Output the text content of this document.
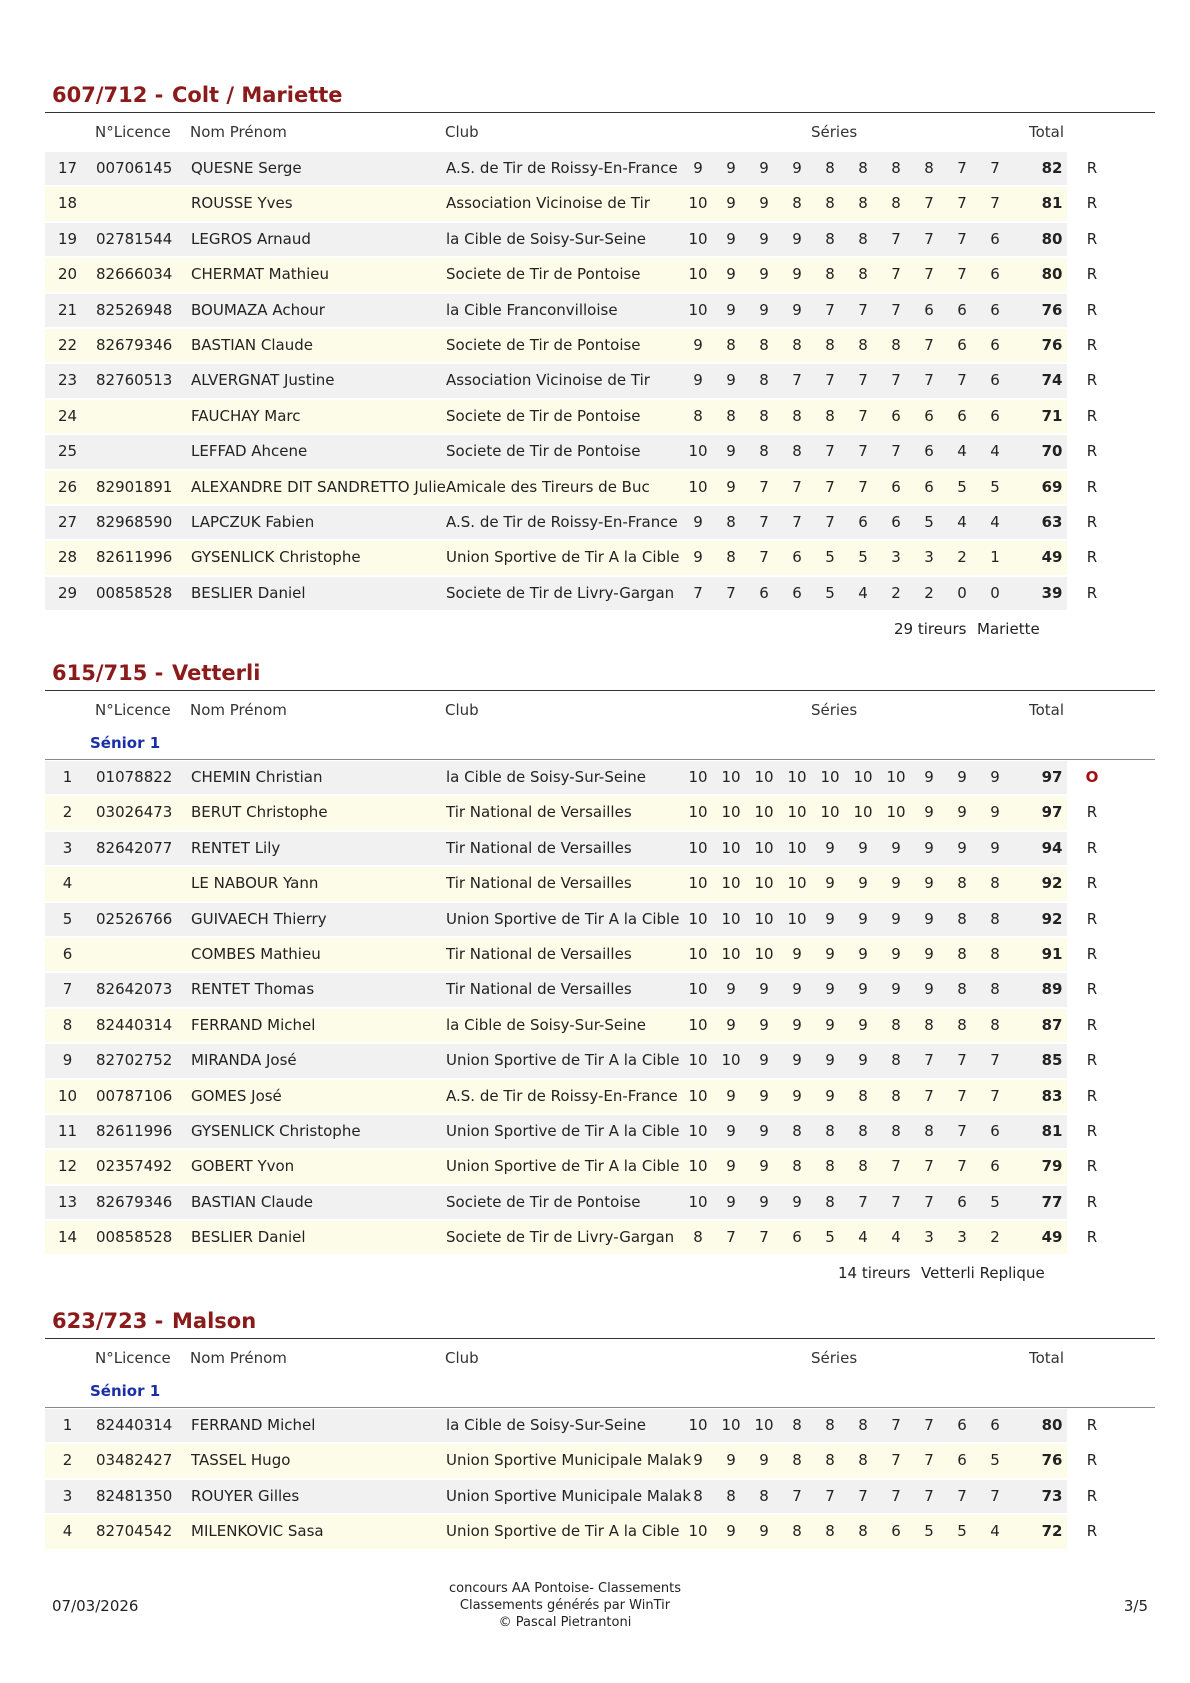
607/712 - Colt / Mariette
N°Licence Nom Prénom	Club	Séries	Total
17	00706145 QUESNE Serge	A.S. de Tir de Roissy-En-France	9	9	9	9	8	8	8	8	7	7	82	R
18	ROUSSE Yves	Association Vicinoise de Tir	10	9	9	8	8	8	8	7	7	7	81	R
19	02781544 LEGROS Arnaud	la Cible de Soisy-Sur-Seine	10	9	9	9	8	8	7	7	7	6	80	R
20	82666034 CHERMAT Mathieu	Societe de Tir de Pontoise	10	9	9	9	8	8	7	7	7	6	80	R
21	82526948 BOUMAZA Achour	la Cible Franconvilloise	10	9	9	9	7	7	7	6	6	6	76	R
22	82679346 BASTIAN Claude	Societe de Tir de Pontoise	9	8	8	8	8	8	8	7	6	6	76	R
23	82760513 ALVERGNAT Justine	Association Vicinoise de Tir	9	9	8	7	7	7	7	7	7	6	74	R
24	FAUCHAY Marc	Societe de Tir de Pontoise	8	8	8	8	8	7	6	6	6	6	71	R
25	LEFFAD Ahcene	Societe de Tir de Pontoise	10	9	8	8	7	7	7	6	4	4	70	R
26	82901891 ALEXANDRE DIT SANDRETTO Julie Amicale des Tireurs de Buc	10	9	7	7	7	7	6	6	5	5	69	R
27	82968590 LAPCZUK Fabien	A.S. de Tir de Roissy-En-France	9	8	7	7	7	6	6	5	4	4	63	R
28	82611996 GYSENLICK Christophe	Union Sportive de Tir A la Cible 9	8	7	6	5	5	3	3	2	1	49	R
29	00858528 BESLIER Daniel	Societe de Tir de Livry-Gargan	7	7	6	6	5	4	2	2	0	0	39	R
29 tireurs Mariette
615/715 - Vetterli
N°Licence Nom Prénom	Club	Séries	Total
Sénior 1
1	01078822 CHEMIN Christian	la Cible de Soisy-Sur-Seine	10 10 10 10 10 10 10	9	9	9	97	O
2	03026473 BERUT Christophe	Tir National de Versailles	10 10 10 10 10 10 10	9	9	9	97	R
3	82642077 RENTET Lily	Tir National de Versailles	10 10 10 10	9	9	9	9	9	9	94	R
4	LE NABOUR Yann	Tir National de Versailles	10 10 10 10	9	9	9	9	8	8	92	R
5	02526766 GUIVAECH Thierry	Union Sportive de Tir A la Cible 10 10 10 10	9	9	9	9	8	8	92	R
6	COMBES Mathieu	Tir National de Versailles	10 10 10	9	9	9	9	9	8	8	91	R
7	82642073 RENTET Thomas	Tir National de Versailles	10	9	9	9	9	9	9	9	8	8	89	R
8	82440314 FERRAND Michel	la Cible de Soisy-Sur-Seine	10	9	9	9	9	9	8	8	8	8	87	R
9	82702752 MIRANDA José	Union Sportive de Tir A la Cible 10 10	9	9	9	9	8	7	7	7	85	R
10	00787106 GOMES José	A.S. de Tir de Roissy-En-France 10	9	9	9	9	8	8	7	7	7	83	R
11	82611996 GYSENLICK Christophe	Union Sportive de Tir A la Cible 10	9	9	8	8	8	8	8	7	6	81	R
12	02357492 GOBERT Yvon	Union Sportive de Tir A la Cible 10	9	9	8	8	8	7	7	7	6	79	R
13	82679346 BASTIAN Claude	Societe de Tir de Pontoise	10	9	9	9	8	7	7	7	6	5	77	R
14	00858528 BESLIER Daniel	Societe de Tir de Livry-Gargan	8	7	7	6	5	4	4	3	3	2	49	R
14 tireurs Vetterli Replique
623/723 - Malson
N°Licence Nom Prénom	Club	Séries	Total
Sénior 1
1	82440314 FERRAND Michel	la Cible de Soisy-Sur-Seine	10 10 10	8	8	8	7	7	6	6	80	R
2	03482427 TASSEL Hugo	Union Sportive Municipale Malak 9	9	9	8	8	8	7	7	6	5	76	R
3	82481350 ROUYER Gilles	Union Sportive Municipale Malak 8	8	8	7	7	7	7	7	7	7	73	R
4	82704542 MILENKOVIC Sasa	Union Sportive de Tir A la Cible 10	9	9	8	8	8	6	5	5	4	72	R
07/03/2026
concours AA Pontoise- Classements
Classements générés par WinTir
© Pascal Pietrantoni
3/5
